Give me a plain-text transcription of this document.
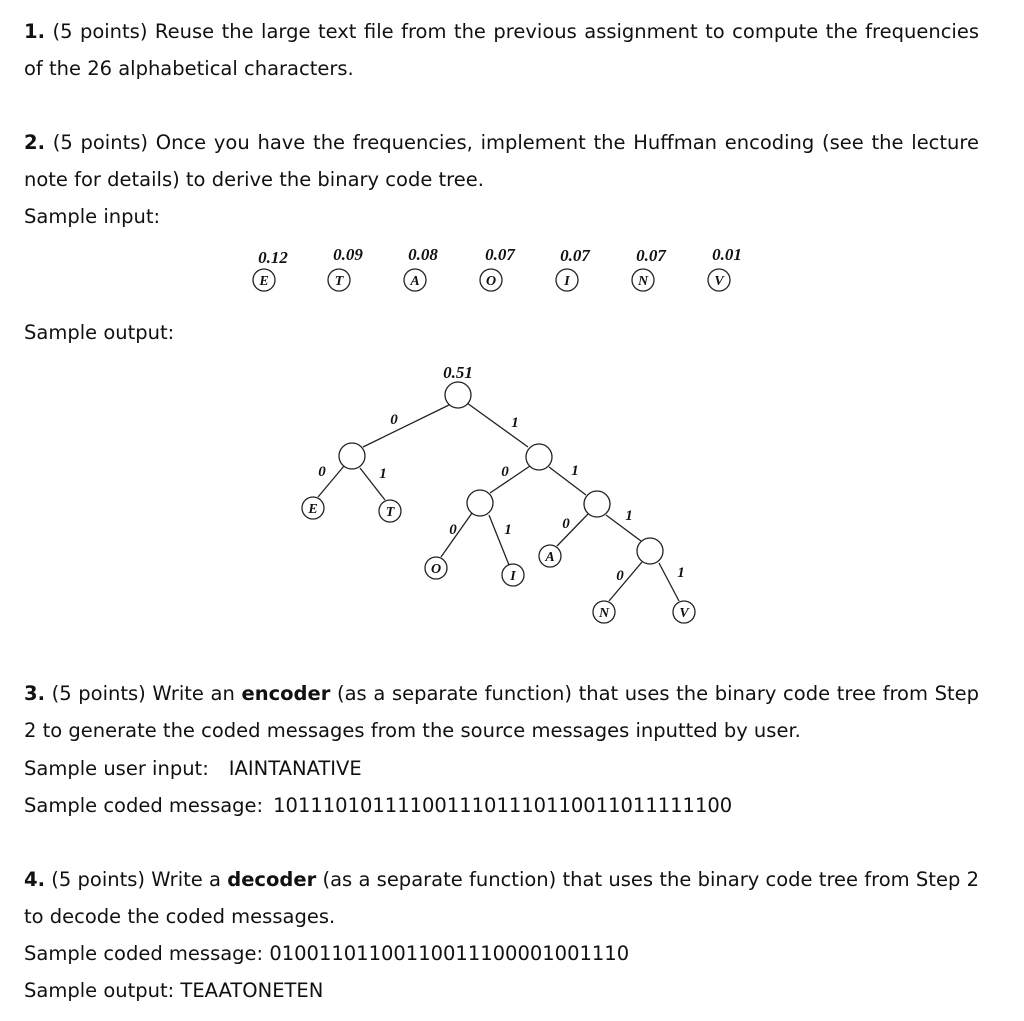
1. (5 points) Reuse the large text file from the previous assignment to compute the frequencies of the 26 alphabetical characters.

2. (5 points) Once you have the frequencies, implement the Huffman encoding (see the lecture note for details) to derive the binary code tree.

Sample input:
Sample output:
0.12	0.09	0.08	0.07	0.07	0.07	0.01
E	T	A	O	I	N	V
E	T
O	I
A
N	V
0.51
0	1
0	1	0	1
0	1	0	1
0	1

3. (5 points) Write an encoder (as a separate function) that uses the binary code tree from Step 2 to generate the coded messages from the source messages inputted by user.

Sample user input: IAINTANATIVE
Sample coded message: 1011101011110011101110110011011111100

4. (5 points) Write a decoder (as a separate function) that uses the binary code tree from Step 2 to decode the coded messages.

Sample coded message: 0100110110011001110000100111​0
Sample output: TEAATONETEN
